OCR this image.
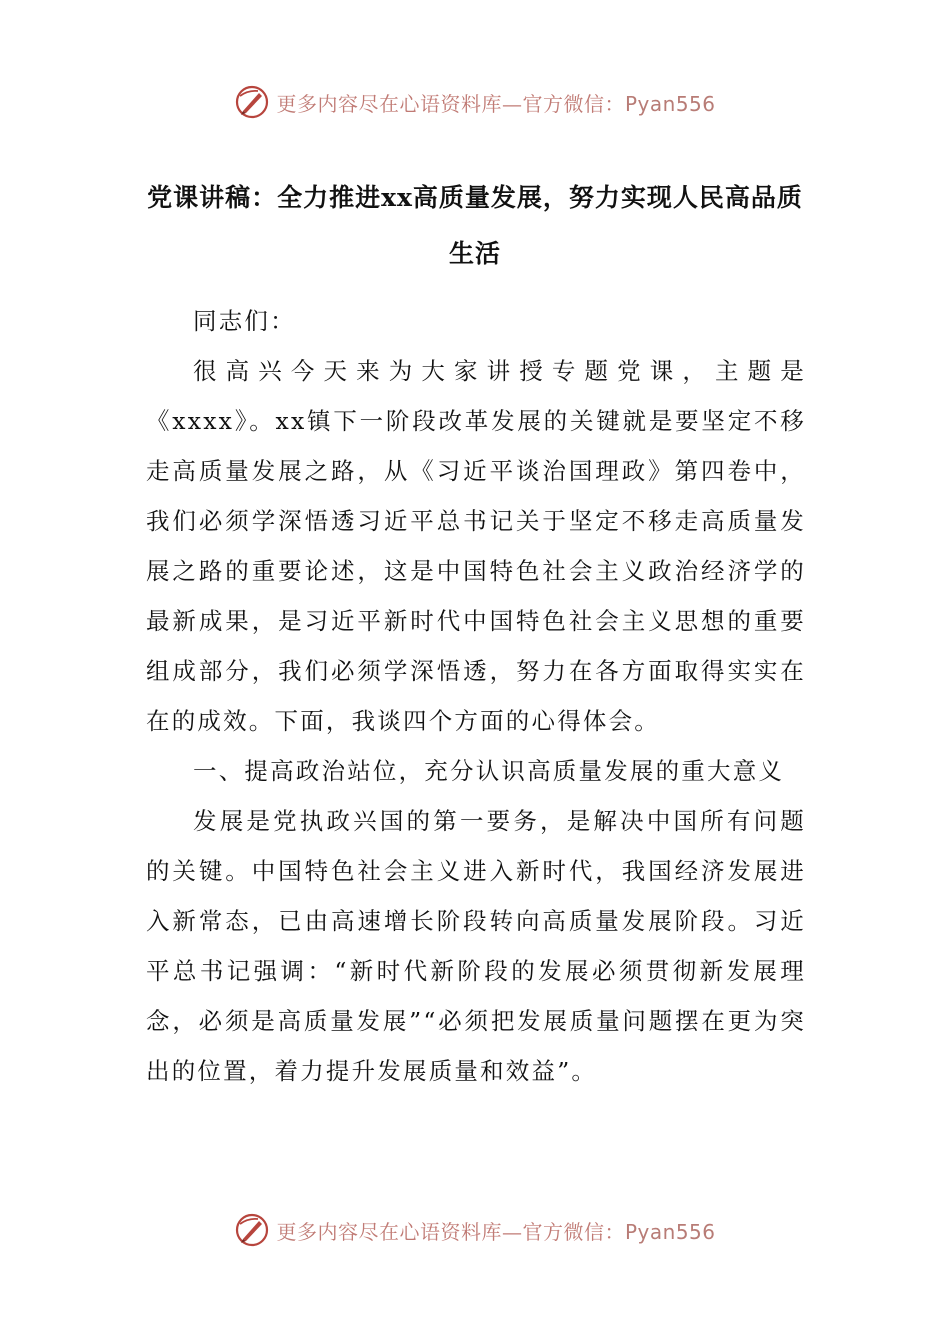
更多内容尽在心语资料库—官方微信：Pyan556
党课讲稿：全力推进xx高质量发展，努力实现人民高品质生活

同志们：

很高兴今天来为大家讲授专题党课，主题是《xxxx》。xx镇下一阶段改革发展的关键就是要坚定不移走高质量发展之路，从《习近平谈治国理政》第四卷中，我们必须学深悟透习近平总书记关于坚定不移走高质量发展之路的重要论述，这是中国特色社会主义政治经济学的最新成果，是习近平新时代中国特色社会主义思想的重要组成部分，我们必须学深悟透，努力在各方面取得实实在在的成效。下面，我谈四个方面的心得体会。

一、提高政治站位，充分认识高质量发展的重大意义

发展是党执政兴国的第一要务，是解决中国所有问题的关键。中国特色社会主义进入新时代，我国经济发展进入新常态，已由高速增长阶段转向高质量发展阶段。习近平总书记强调：“新时代新阶段的发展必须贯彻新发展理念，必须是高质量发展”“必须把发展质量问题摆在更为突出的位置，着力提升发展质量和效益”。

更多内容尽在心语资料库—官方微信：Pyan556
